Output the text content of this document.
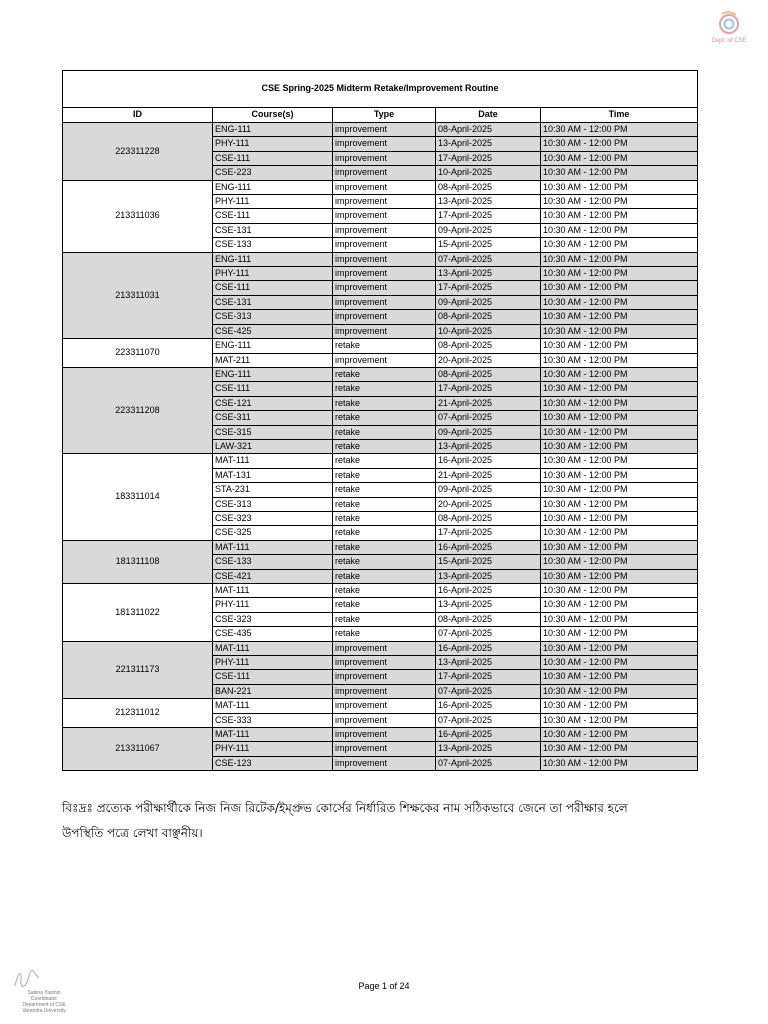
Dept. of CSE
CSE Spring-2025 Midterm Retake/Improvement Routine				
ID	Course(s)	Type	Date	Time
223311228	ENG-111	improvement	08-April-2025	10:30 AM - 12:00 PM
	PHY-111	improvement	13-April-2025	10:30 AM - 12:00 PM
	CSE-111	improvement	17-April-2025	10:30 AM - 12:00 PM
	CSE-223	improvement	10-April-2025	10:30 AM - 12:00 PM
213311036	ENG-111	improvement	08-April-2025	10:30 AM - 12:00 PM
	PHY-111	improvement	13-April-2025	10:30 AM - 12:00 PM
	CSE-111	improvement	17-April-2025	10:30 AM - 12:00 PM
	CSE-131	improvement	09-April-2025	10:30 AM - 12:00 PM
	CSE-133	improvement	15-April-2025	10:30 AM - 12:00 PM
213311031	ENG-111	improvement	07-April-2025	10:30 AM - 12:00 PM
	PHY-111	improvement	13-April-2025	10:30 AM - 12:00 PM
	CSE-111	improvement	17-April-2025	10:30 AM - 12:00 PM
	CSE-131	improvement	09-April-2025	10:30 AM - 12:00 PM
	CSE-313	improvement	08-April-2025	10:30 AM - 12:00 PM
	CSE-425	improvement	10-April-2025	10:30 AM - 12:00 PM
223311070	ENG-111	retake	08-April-2025	10:30 AM - 12:00 PM
	MAT-211	improvement	20-April-2025	10:30 AM - 12:00 PM
223311208	ENG-111	retake	08-April-2025	10:30 AM - 12:00 PM
	CSE-111	retake	17-April-2025	10:30 AM - 12:00 PM
	CSE-121	retake	21-April-2025	10:30 AM - 12:00 PM
	CSE-311	retake	07-April-2025	10:30 AM - 12:00 PM
	CSE-315	retake	09-April-2025	10:30 AM - 12:00 PM
	LAW-321	retake	13-April-2025	10:30 AM - 12:00 PM
183311014	MAT-111	retake	16-April-2025	10:30 AM - 12:00 PM
	MAT-131	retake	21-April-2025	10:30 AM - 12:00 PM
	STA-231	retake	09-April-2025	10:30 AM - 12:00 PM
	CSE-313	retake	20-April-2025	10:30 AM - 12:00 PM
	CSE-323	retake	08-April-2025	10:30 AM - 12:00 PM
	CSE-325	retake	17-April-2025	10:30 AM - 12:00 PM
181311108	MAT-111	retake	16-April-2025	10:30 AM - 12:00 PM
	CSE-133	retake	15-April-2025	10:30 AM - 12:00 PM
	CSE-421	retake	13-April-2025	10:30 AM - 12:00 PM
181311022	MAT-111	retake	16-April-2025	10:30 AM - 12:00 PM
	PHY-111	retake	13-April-2025	10:30 AM - 12:00 PM
	CSE-323	retake	08-April-2025	10:30 AM - 12:00 PM
	CSE-435	retake	07-April-2025	10:30 AM - 12:00 PM
221311173	MAT-111	improvement	16-April-2025	10:30 AM - 12:00 PM
	PHY-111	improvement	13-April-2025	10:30 AM - 12:00 PM
	CSE-111	improvement	17-April-2025	10:30 AM - 12:00 PM
	BAN-221	improvement	07-April-2025	10:30 AM - 12:00 PM
212311012	MAT-111	improvement	16-April-2025	10:30 AM - 12:00 PM
	CSE-333	improvement	07-April-2025	10:30 AM - 12:00 PM
213311067	MAT-111	improvement	16-April-2025	10:30 AM - 12:00 PM
	PHY-111	improvement	13-April-2025	10:30 AM - 12:00 PM
	CSE-123	improvement	07-April-2025	10:30 AM - 12:00 PM
বিঃদ্রঃ প্রত্যেক পরীক্ষার্থীকে নিজ নিজ রিটেক/ইম্প্রুভ কোর্সের নির্ধারিত শিক্ষকের নাম সঠিকভাবে জেনে তা পরীক্ষার হলে
উপস্থিতি পত্রে লেখা বাঞ্ছনীয়।
Page 1 of 24
Sabina Yasmin
Coordinator
Department of CSE
Varendra University
